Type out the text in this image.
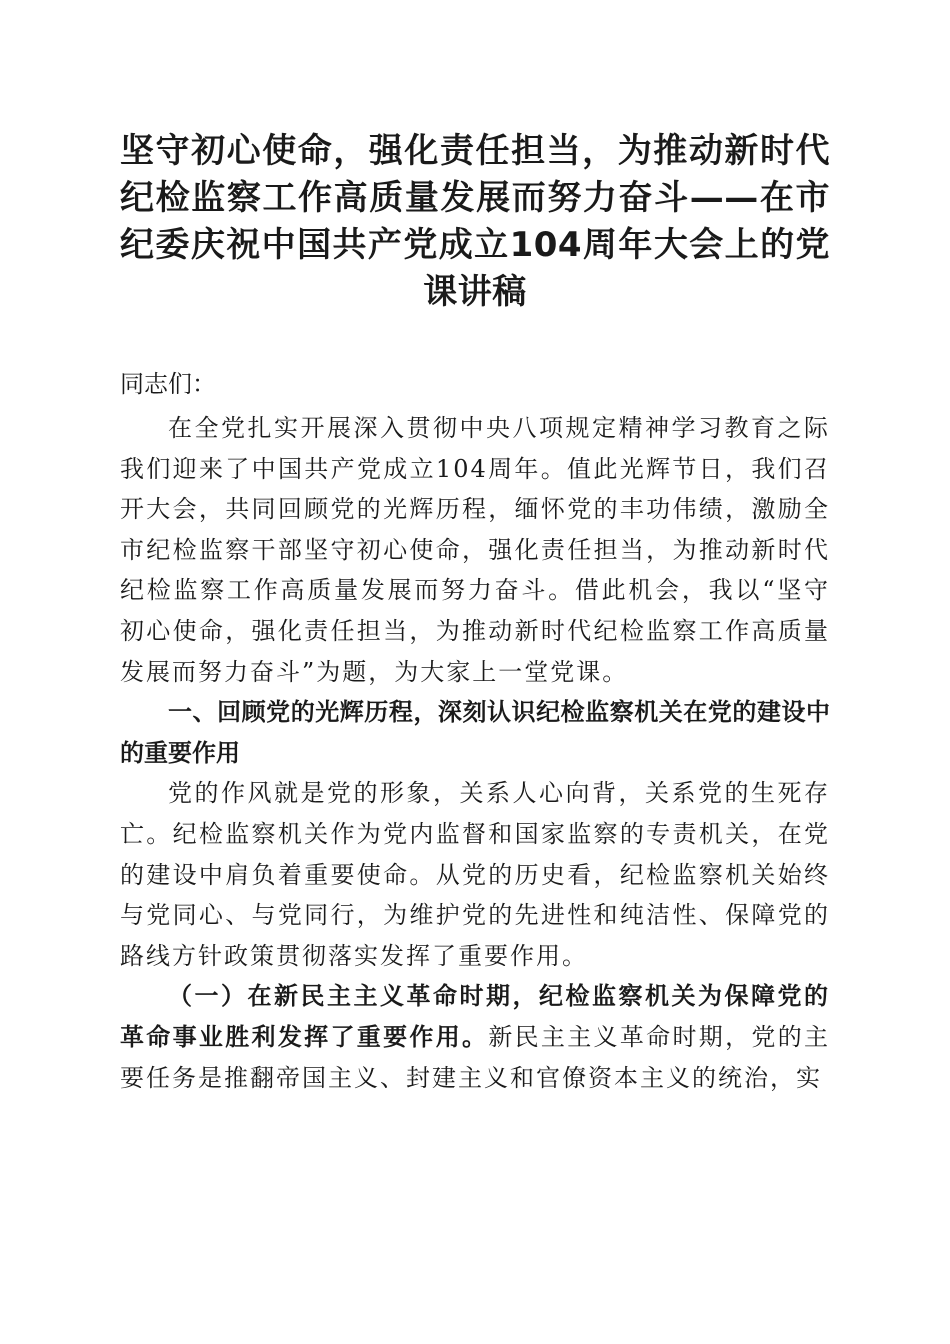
坚守初心使命，强化责任担当，为推动新时代纪检监察工作高质量发展而努力奋斗——在市纪委庆祝中国共产党成立104周年大会上的党课讲稿

同志们：

在全党扎实开展深入贯彻中央八项规定精神学习教育之际我们迎来了中国共产党成立104周年。值此光辉节日，我们召开大会，共同回顾党的光辉历程，缅怀党的丰功伟绩，激励全市纪检监察干部坚守初心使命，强化责任担当，为推动新时代纪检监察工作高质量发展而努力奋斗。借此机会，我以“坚守初心使命，强化责任担当，为推动新时代纪检监察工作高质量发展而努力奋斗”为题，为大家上一堂党课。

一、回顾党的光辉历程，深刻认识纪检监察机关在党的建设中的重要作用

党的作风就是党的形象，关系人心向背，关系党的生死存亡。纪检监察机关作为党内监督和国家监察的专责机关，在党的建设中肩负着重要使命。从党的历史看，纪检监察机关始终与党同心、与党同行，为维护党的先进性和纯洁性、保障党的路线方针政策贯彻落实发挥了重要作用。

（一）在新民主主义革命时期，纪检监察机关为保障党的革命事业胜利发挥了重要作用。新民主主义革命时期，党的主要任务是推翻帝国主义、封建主义和官僚资本主义的统治，实
